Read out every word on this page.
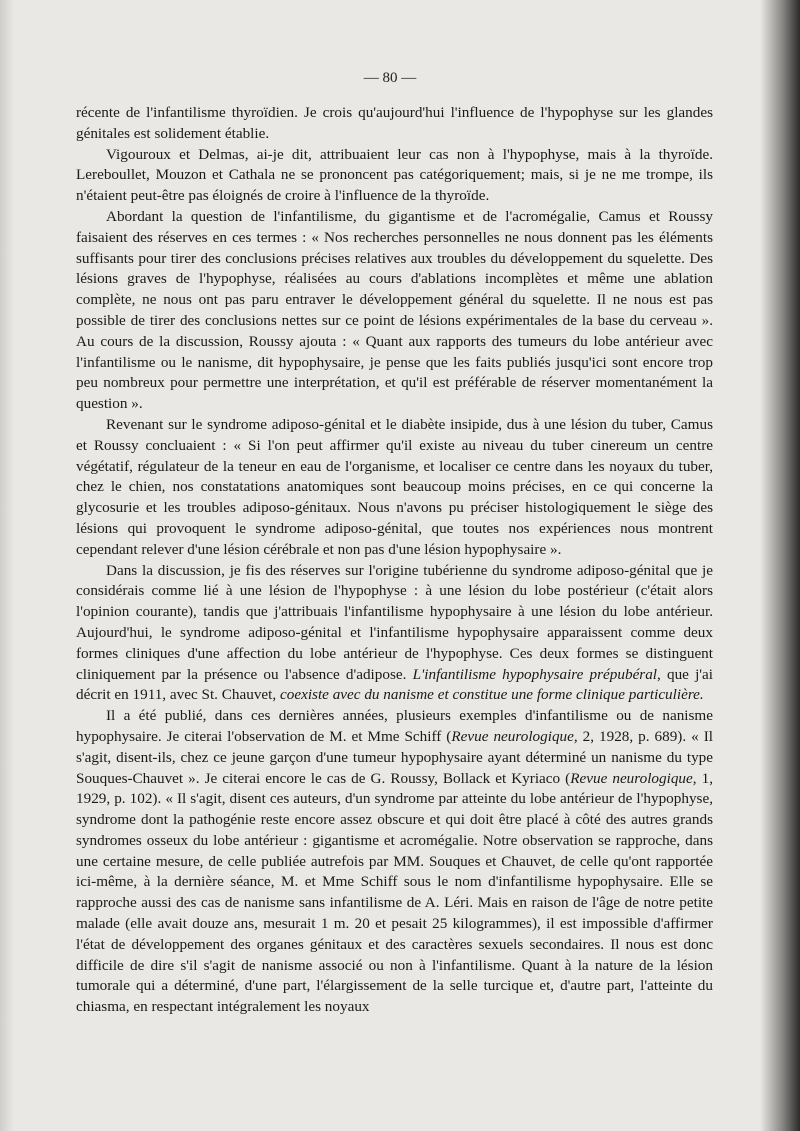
— 80 —

récente de l'infantilisme thyroïdien. Je crois qu'aujourd'hui l'influence de l'hypophyse sur les glandes génitales est solidement établie.

Vigouroux et Delmas, ai-je dit, attribuaient leur cas non à l'hypophyse, mais à la thyroïde. Lereboullet, Mouzon et Cathala ne se prononcent pas catégoriquement; mais, si je ne me trompe, ils n'étaient peut-être pas éloignés de croire à l'influence de la thyroïde.

Abordant la question de l'infantilisme, du gigantisme et de l'acromégalie, Camus et Roussy faisaient des réserves en ces termes : « Nos recherches personnelles ne nous donnent pas les éléments suffisants pour tirer des conclusions précises relatives aux troubles du développement du squelette. Des lésions graves de l'hypophyse, réalisées au cours d'ablations incomplètes et même une ablation complète, ne nous ont pas paru entraver le développement général du squelette. Il ne nous est pas possible de tirer des conclusions nettes sur ce point de lésions expérimentales de la base du cerveau ». Au cours de la discussion, Roussy ajouta : « Quant aux rapports des tumeurs du lobe antérieur avec l'infantilisme ou le nanisme, dit hypophysaire, je pense que les faits publiés jusqu'ici sont encore trop peu nombreux pour permettre une interprétation, et qu'il est préférable de réserver momentanément la question ».

Revenant sur le syndrome adiposo-génital et le diabète insipide, dus à une lésion du tuber, Camus et Roussy concluaient : « Si l'on peut affirmer qu'il existe au niveau du tuber cinereum un centre végétatif, régulateur de la teneur en eau de l'organisme, et localiser ce centre dans les noyaux du tuber, chez le chien, nos constatations anatomiques sont beaucoup moins précises, en ce qui concerne la glycosurie et les troubles adiposo-génitaux. Nous n'avons pu préciser histologiquement le siège des lésions qui provoquent le syndrome adiposo-génital, que toutes nos expériences nous montrent cependant relever d'une lésion cérébrale et non pas d'une lésion hypophysaire ».

Dans la discussion, je fis des réserves sur l'origine tubérienne du syndrome adiposo-génital que je considérais comme lié à une lésion de l'hypophyse : à une lésion du lobe postérieur (c'était alors l'opinion courante), tandis que j'attribuais l'infantilisme hypophysaire à une lésion du lobe antérieur. Aujourd'hui, le syndrome adiposo-génital et l'infantilisme hypophysaire apparaissent comme deux formes cliniques d'une affection du lobe antérieur de l'hypophyse. Ces deux formes se distinguent cliniquement par la présence ou l'absence d'adipose. L'infantilisme hypophysaire prépubéral, que j'ai décrit en 1911, avec St. Chauvet, coexiste avec du nanisme et constitue une forme clinique particulière.

Il a été publié, dans ces dernières années, plusieurs exemples d'infantilisme ou de nanisme hypophysaire. Je citerai l'observation de M. et Mme Schiff (Revue neurologique, 2, 1928, p. 689). « Il s'agit, disent-ils, chez ce jeune garçon d'une tumeur hypophysaire ayant déterminé un nanisme du type Souques-Chauvet ». Je citerai encore le cas de G. Roussy, Bollack et Kyriaco (Revue neurologique, 1, 1929, p. 102). « Il s'agit, disent ces auteurs, d'un syndrome par atteinte du lobe antérieur de l'hypophyse, syndrome dont la pathogénie reste encore assez obscure et qui doit être placé à côté des autres grands syndromes osseux du lobe antérieur : gigantisme et acromégalie. Notre observation se rapproche, dans une certaine mesure, de celle publiée autrefois par MM. Souques et Chauvet, de celle qu'ont rapportée ici-même, à la dernière séance, M. et Mme Schiff sous le nom d'infantilisme hypophysaire. Elle se rapproche aussi des cas de nanisme sans infantilisme de A. Léri. Mais en raison de l'âge de notre petite malade (elle avait douze ans, mesurait 1 m. 20 et pesait 25 kilogrammes), il est impossible d'affirmer l'état de développement des organes génitaux et des caractères sexuels secondaires. Il nous est donc difficile de dire s'il s'agit de nanisme associé ou non à l'infantilisme. Quant à la nature de la lésion tumorale qui a déterminé, d'une part, l'élargissement de la selle turcique et, d'autre part, l'atteinte du chiasma, en respectant intégralement les noyaux
